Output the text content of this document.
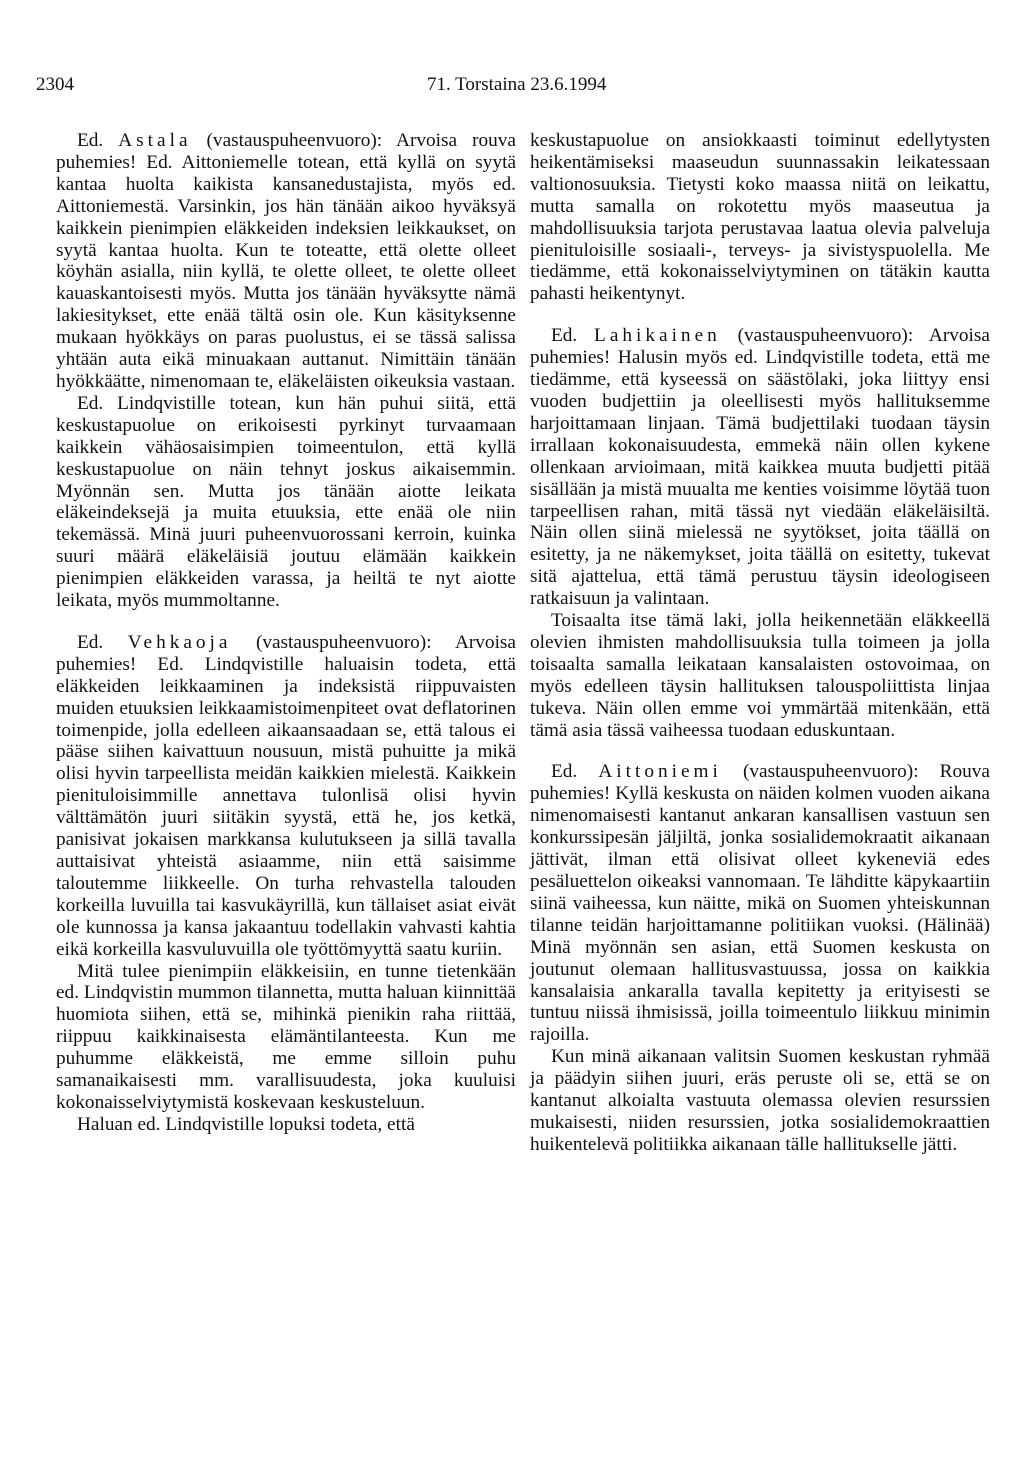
2304	71. Torstaina 23.6.1994

Ed. Astala (vastauspuheenvuoro): Arvoisa rouva puhemies! Ed. Aittoniemelle totean, että kyllä on syytä kantaa huolta kaikista kansanedustajista, myös ed. Aittoniemestä. Varsinkin, jos hän tänään aikoo hyväksyä kaikkein pienimpien eläkkeiden indeksien leikkaukset, on syytä kantaa huolta. Kun te toteatte, että olette olleet köyhän asialla, niin kyllä, te olette olleet, te olette olleet kauaskantoisesti myös. Mutta jos tänään hyväksytte nämä lakiesitykset, ette enää tältä osin ole. Kun käsityksenne mukaan hyökkäys on paras puolustus, ei se tässä salissa yhtään auta eikä minuakaan auttanut. Nimittäin tänään hyökkäätte, nimenomaan te, eläkeläisten oikeuksia vastaan.

Ed. Lindqvistille totean, kun hän puhui siitä, että keskustapuolue on erikoisesti pyrkinyt turvaamaan kaikkein vähäosaisimpien toimeentulon, että kyllä keskustapuolue on näin tehnyt joskus aikaisemmin. Myönnän sen. Mutta jos tänään aiotte leikata eläkeindeksejä ja muita etuuksia, ette enää ole niin tekemässä. Minä juuri puheenvuorossani kerroin, kuinka suuri määrä eläkeläisiä joutuu elämään kaikkein pienimpien eläkkeiden varassa, ja heiltä te nyt aiotte leikata, myös mummoltanne.

Ed. Vehkaoja (vastauspuheenvuoro): Arvoisa puhemies! Ed. Lindqvistille haluaisin todeta, että eläkkeiden leikkaaminen ja indeksistä riippuvaisten muiden etuuksien leikkaamistoimenpiteet ovat deflatorinen toimenpide, jolla edelleen aikaansaadaan se, että talous ei pääse siihen kaivattuun nousuun, mistä puhuitte ja mikä olisi hyvin tarpeellista meidän kaikkien mielestä. Kaikkein pienituloisimmille annettava tulonlisä olisi hyvin välttämätön juuri siitäkin syystä, että he, jos ketkä, panisivat jokaisen markkansa kulutukseen ja sillä tavalla auttaisivat yhteistä asiaamme, niin että saisimme taloutemme liikkeelle. On turha rehvastella talouden korkeilla luvuilla tai kasvukäyrillä, kun tällaiset asiat eivät ole kunnossa ja kansa jakaantuu todellakin vahvasti kahtia eikä korkeilla kasvuluvuilla ole työttömyyttä saatu kuriin.

Mitä tulee pienimpiin eläkkeisiin, en tunne tietenkään ed. Lindqvistin mummon tilannetta, mutta haluan kiinnittää huomiota siihen, että se, mihinkä pienikin raha riittää, riippuu kaikkinaisesta elämäntilanteesta. Kun me puhumme eläkkeistä, me emme silloin puhu samanaikaisesti mm. varallisuudesta, joka kuuluisi kokonaisselviytymistä koskevaan keskusteluun.

Haluan ed. Lindqvistille lopuksi todeta, että

keskustapuolue on ansiokkaasti toiminut edellytysten heikentämiseksi maaseudun suunnassakin leikatessaan valtionosuuksia. Tietysti koko maassa niitä on leikattu, mutta samalla on rokotettu myös maaseutua ja mahdollisuuksia tarjota perustavaa laatua olevia palveluja pienituloisille sosiaali-, terveys- ja sivistyspuolella. Me tiedämme, että kokonaisselviytyminen on tätäkin kautta pahasti heikentynyt.

Ed. Lahikainen (vastauspuheenvuoro): Arvoisa puhemies! Halusin myös ed. Lindqvistille todeta, että me tiedämme, että kyseessä on säästölaki, joka liittyy ensi vuoden budjettiin ja oleellisesti myös hallituksemme harjoittamaan linjaan. Tämä budjettilaki tuodaan täysin irrallaan kokonaisuudesta, emmekä näin ollen kykene ollenkaan arvioimaan, mitä kaikkea muuta budjetti pitää sisällään ja mistä muualta me kenties voisimme löytää tuon tarpeellisen rahan, mitä tässä nyt viedään eläkeläisiltä. Näin ollen siinä mielessä ne syytökset, joita täällä on esitetty, ja ne näkemykset, joita täällä on esitetty, tukevat sitä ajattelua, että tämä perustuu täysin ideologiseen ratkaisuun ja valintaan.

Toisaalta itse tämä laki, jolla heikennetään eläkkeellä olevien ihmisten mahdollisuuksia tulla toimeen ja jolla toisaalta samalla leikataan kansalaisten ostovoimaa, on myös edelleen täysin hallituksen talouspoliittista linjaa tukeva. Näin ollen emme voi ymmärtää mitenkään, että tämä asia tässä vaiheessa tuodaan eduskuntaan.

Ed. Aittoniemi (vastauspuheenvuoro): Rouva puhemies! Kyllä keskusta on näiden kolmen vuoden aikana nimenomaisesti kantanut ankaran kansallisen vastuun sen konkurssipesän jäljiltä, jonka sosialidemokraatit aikanaan jättivät, ilman että olisivat olleet kykeneviä edes pesäluettelon oikeaksi vannomaan. Te lähditte käpykaartiin siinä vaiheessa, kun näitte, mikä on Suomen yhteiskunnan tilanne teidän harjoittamanne politiikan vuoksi. (Hälinää) Minä myönnän sen asian, että Suomen keskusta on joutunut olemaan hallitusvastuussa, jossa on kaikkia kansalaisia ankaralla tavalla kepitetty ja erityisesti se tuntuu niissä ihmisissä, joilla toimeentulo liikkuu minimin rajoilla.

Kun minä aikanaan valitsin Suomen keskustan ryhmää ja päädyin siihen juuri, eräs peruste oli se, että se on kantanut alkoialta vastuuta olemassa olevien resurssien mukaisesti, niiden resurssien, jotka sosialidemokraattien huikentelevä politiikka aikanaan tälle hallitukselle jätti.
